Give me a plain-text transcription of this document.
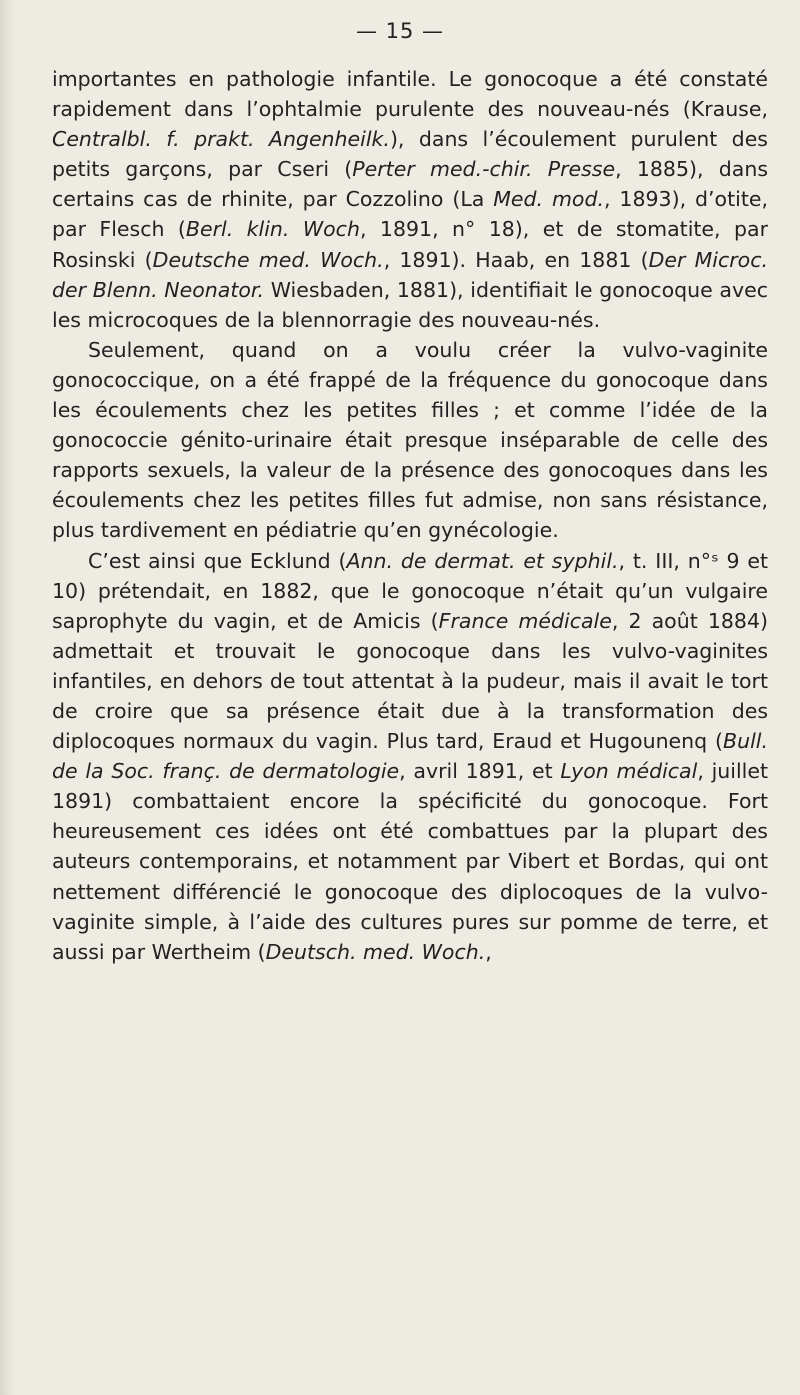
— 15 —

importantes en pathologie infantile. Le gonocoque a été constaté rapidement dans l’ophtalmie purulente des nouveau-nés (Krause, Centralbl. f. prakt. Angenheilk.), dans l’écoulement purulent des petits garçons, par Cseri (Perter med.-chir. Presse, 1885), dans certains cas de rhinite, par Cozzolino (La Med. mod., 1893), d’otite, par Flesch (Berl. klin. Woch, 1891, n° 18), et de stomatite, par Rosinski (Deutsche med. Woch., 1891). Haab, en 1881 (Der Microc. der Blenn. Neonator. Wiesbaden, 1881), identifiait le gonocoque avec les microcoques de la blennorragie des nouveau-nés.

Seulement, quand on a voulu créer la vulvo-vaginite gonococcique, on a été frappé de la fréquence du gonocoque dans les écoulements chez les petites filles ; et comme l’idée de la gonococcie génito-urinaire était presque inséparable de celle des rapports sexuels, la valeur de la présence des gonocoques dans les écoulements chez les petites filles fut admise, non sans résistance, plus tardivement en pédiatrie qu’en gynécologie.

C’est ainsi que Ecklund (Ann. de dermat. et syphil., t. III, n°ˢ 9 et 10) prétendait, en 1882, que le gonocoque n’était qu’un vulgaire saprophyte du vagin, et de Amicis (France médicale, 2 août 1884) admettait et trouvait le gonocoque dans les vulvo-vaginites infantiles, en dehors de tout attentat à la pudeur, mais il avait le tort de croire que sa présence était due à la transformation des diplocoques normaux du vagin. Plus tard, Eraud et Hugounenq (Bull. de la Soc. franç. de dermatologie, avril 1891, et Lyon médical, juillet 1891) combattaient encore la spécificité du gonocoque. Fort heureusement ces idées ont été combattues par la plupart des auteurs contemporains, et notamment par Vibert et Bordas, qui ont nettement différencié le gonocoque des diplocoques de la vulvo-vaginite simple, à l’aide des cultures pures sur pomme de terre, et aussi par Wertheim (Deutsch. med. Woch.,
